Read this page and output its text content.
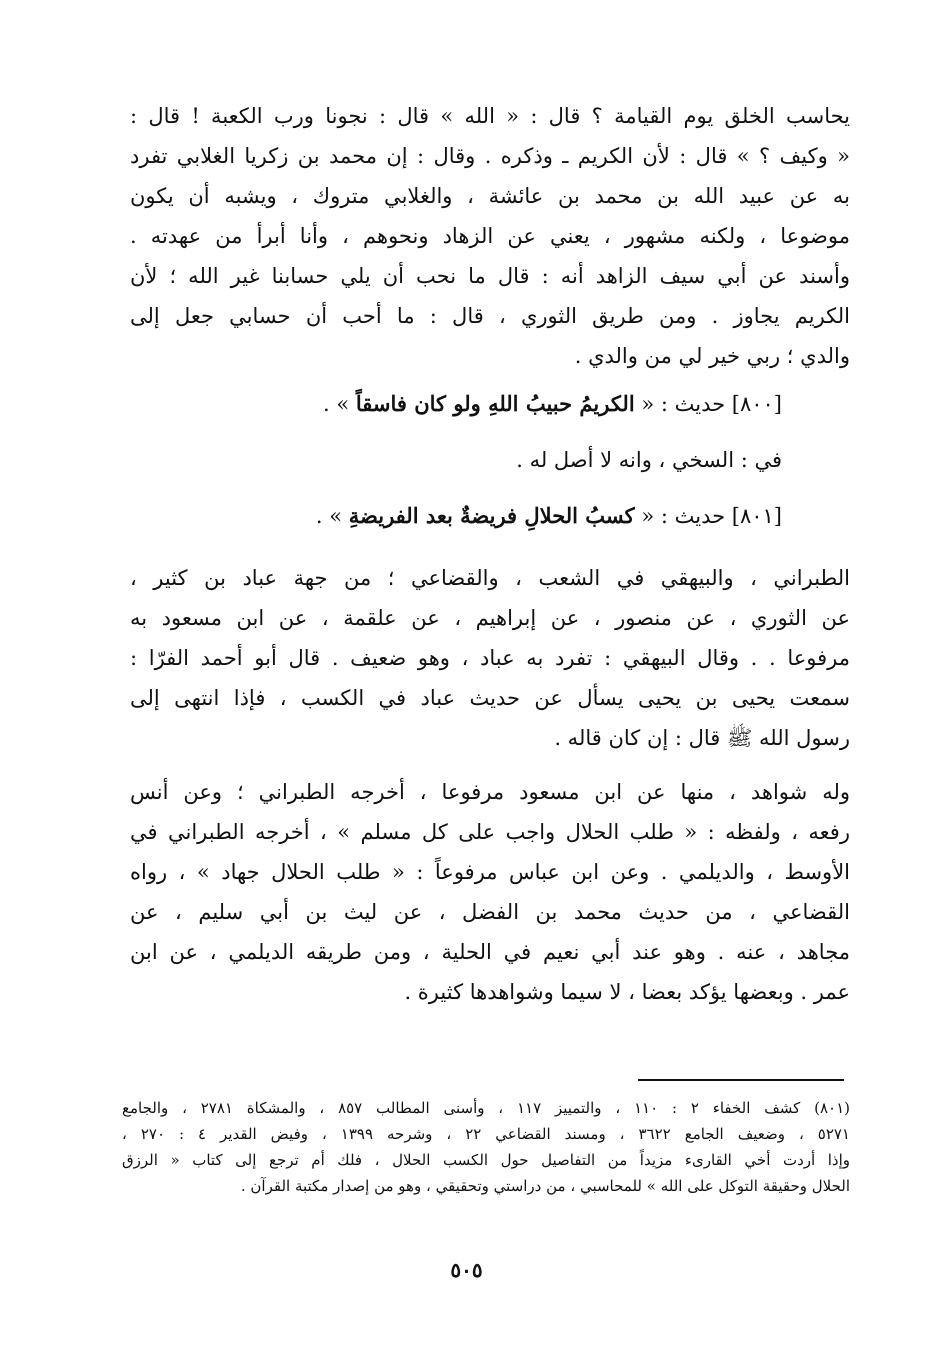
يحاسب الخلق يوم القيامة ؟ قال : « الله » قال : نجونا ورب الكعبة ! قال :
« وكيف ؟ » قال : لأن الكريم ـ وذكره . وقال : إن محمد بن زكريا الغلابي تفرد
به عن عبيد الله بن محمد بن عائشة ، والغلابي متروك ، ويشبه أن يكون
موضوعا ، ولكنه مشهور ، يعني عن الزهاد ونحوهم ، وأنا أبرأ من عهدته .
وأسند عن أبي سيف الزاهد أنه : قال ما نحب أن يلي حسابنا غير الله ؛ لأن
الكريم يجاوز . ومن طريق الثوري ، قال : ما أحب أن حسابي جعل إلى
والدي ؛ ربي خير لي من والدي .
[٨٠٠] حديث : « الكريمُ حبيبُ اللهِ ولو كان فاسقاً » .
في : السخي ، وانه لا أصل له .
[٨٠١] حديث : « كسبُ الحلالِ فريضةٌ بعد الفريضةِ » .
الطبراني ، والبيهقي في الشعب ، والقضاعي ؛ من جهة عباد بن كثير ،
عن الثوري ، عن منصور ، عن إبراهيم ، عن علقمة ، عن ابن مسعود به
مرفوعا . . وقال البيهقي : تفرد به عباد ، وهو ضعيف . قال أبو أحمد الفرّا :
سمعت يحيى بن يحيى يسأل عن حديث عباد في الكسب ، فإذا انتهى إلى
رسول الله ﷺ قال : إن كان قاله .
وله شواهد ، منها عن ابن مسعود مرفوعا ، أخرجه الطبراني ؛ وعن أنس
رفعه ، ولفظه : « طلب الحلال واجب على كل مسلم » ، أخرجه الطبراني في
الأوسط ، والديلمي . وعن ابن عباس مرفوعاً : « طلب الحلال جهاد » ، رواه
القضاعي ، من حديث محمد بن الفضل ، عن ليث بن أبي سليم ، عن
مجاهد ، عنه . وهو عند أبي نعيم في الحلية ، ومن طريقه الديلمي ، عن ابن
عمر . وبعضها يؤكد بعضا ، لا سيما وشواهدها كثيرة .
(٨٠١) كشف الخفاء ٢ : ١١٠ ، والتمييز ١١٧ ، وأسنى المطالب ٨٥٧ ، والمشكاة ٢٧٨١ ، والجامع
٥٢٧١ ، وضعيف الجامع ٣٦٢٢ ، ومسند القضاعي ٢٢ ، وشرحه ١٣٩٩ ، وفيض القدير ٤ : ٢٧٠ ،
وإذا أردت أخي القارىء مزيداً من التفاصيل حول الكسب الحلال ، فلك أم ترجع إلى كتاب « الرزق
الحلال وحقيقة التوكل على الله » للمحاسبي ، من دراستي وتحقيقي ، وهو من إصدار مكتبة القرآن .
٥٠٥
